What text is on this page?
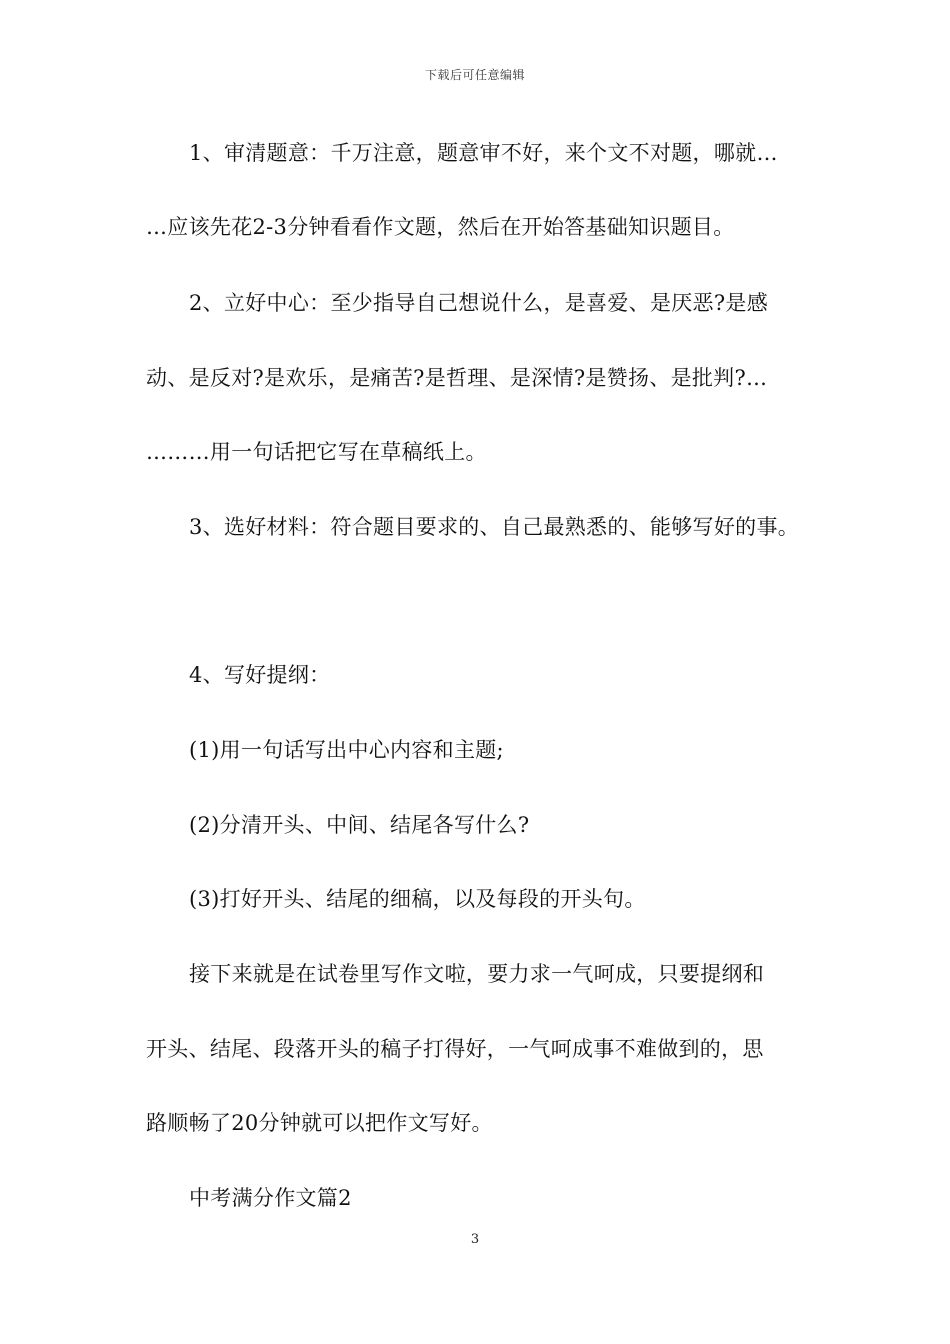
下载后可任意编辑
1、审清题意：千万注意，题意审不好，来个文不对题，哪就…
…应该先花2-3分钟看看作文题，然后在开始答基础知识题目。
2、立好中心：至少指导自己想说什么，是喜爱、是厌恶?是感
动、是反对?是欢乐，是痛苦?是哲理、是深情?是赞扬、是批判?…
………用一句话把它写在草稿纸上。
3、选好材料：符合题目要求的、自己最熟悉的、能够写好的事。
4、写好提纲：
(1)用一句话写出中心内容和主题;
(2)分清开头、中间、结尾各写什么?
(3)打好开头、结尾的细稿，以及每段的开头句。
接下来就是在试卷里写作文啦，要力求一气呵成，只要提纲和
开头、结尾、段落开头的稿子打得好，一气呵成事不难做到的，思
路顺畅了20分钟就可以把作文写好。
中考满分作文篇2
3
